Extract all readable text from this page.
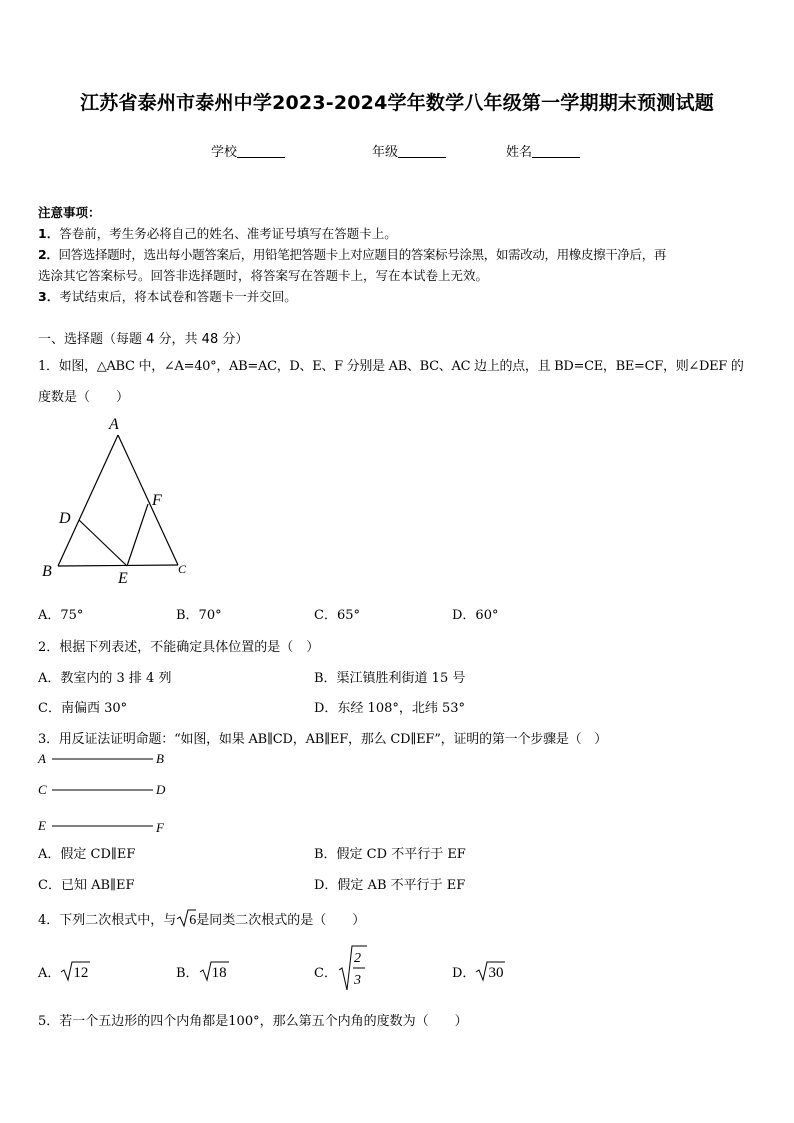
江苏省泰州市泰州中学2023-2024学年数学八年级第一学期期末预测试题
学校	年级	姓名
注意事项：
1．答卷前，考生务必将自己的姓名、准考证号填写在答题卡上。
2．回答选择题时，选出每小题答案后，用铅笔把答题卡上对应题目的答案标号涂黑，如需改动，用橡皮擦干净后，再
选涂其它答案标号。回答非选择题时，将答案写在答题卡上，写在本试卷上无效。
3．考试结束后，将本试卷和答题卡一并交回。
一、选择题（每题 4 分，共 48 分）
1．如图，△ABC 中，∠A=40°，AB=AC，D、E、F 分别是 AB、BC、AC 边上的点，且 BD=CE，BE=CF，则∠DEF 的
度数是（　　）
A
B	C
D
E
F
A．75°	B．70°	C．65°	D．60°
2．根据下列表述，不能确定具体位置的是（　）
A．教室内的 3 排 4 列	B．渠江镇胜利街道 15 号
C．南偏西 30°	D．东经 108°，北纬 53°
3．用反证法证明命题：“如图，如果 AB∥CD，AB∥EF，那么 CD∥EF”，证明的第一个步骤是（　）
A	B
C	D
E	F
A．假定 CD∥EF	B．假定 CD 不平行于 EF
C．已知 AB∥EF	D．假定 AB 不平行于 EF
4．下列二次根式中，与 6是同类二次根式的是（　　）
A． 12	B． 18	C．
2
3	D． 30
5．若一个五边形的四个内角都是100°，那么第五个内角的度数为（　　）
